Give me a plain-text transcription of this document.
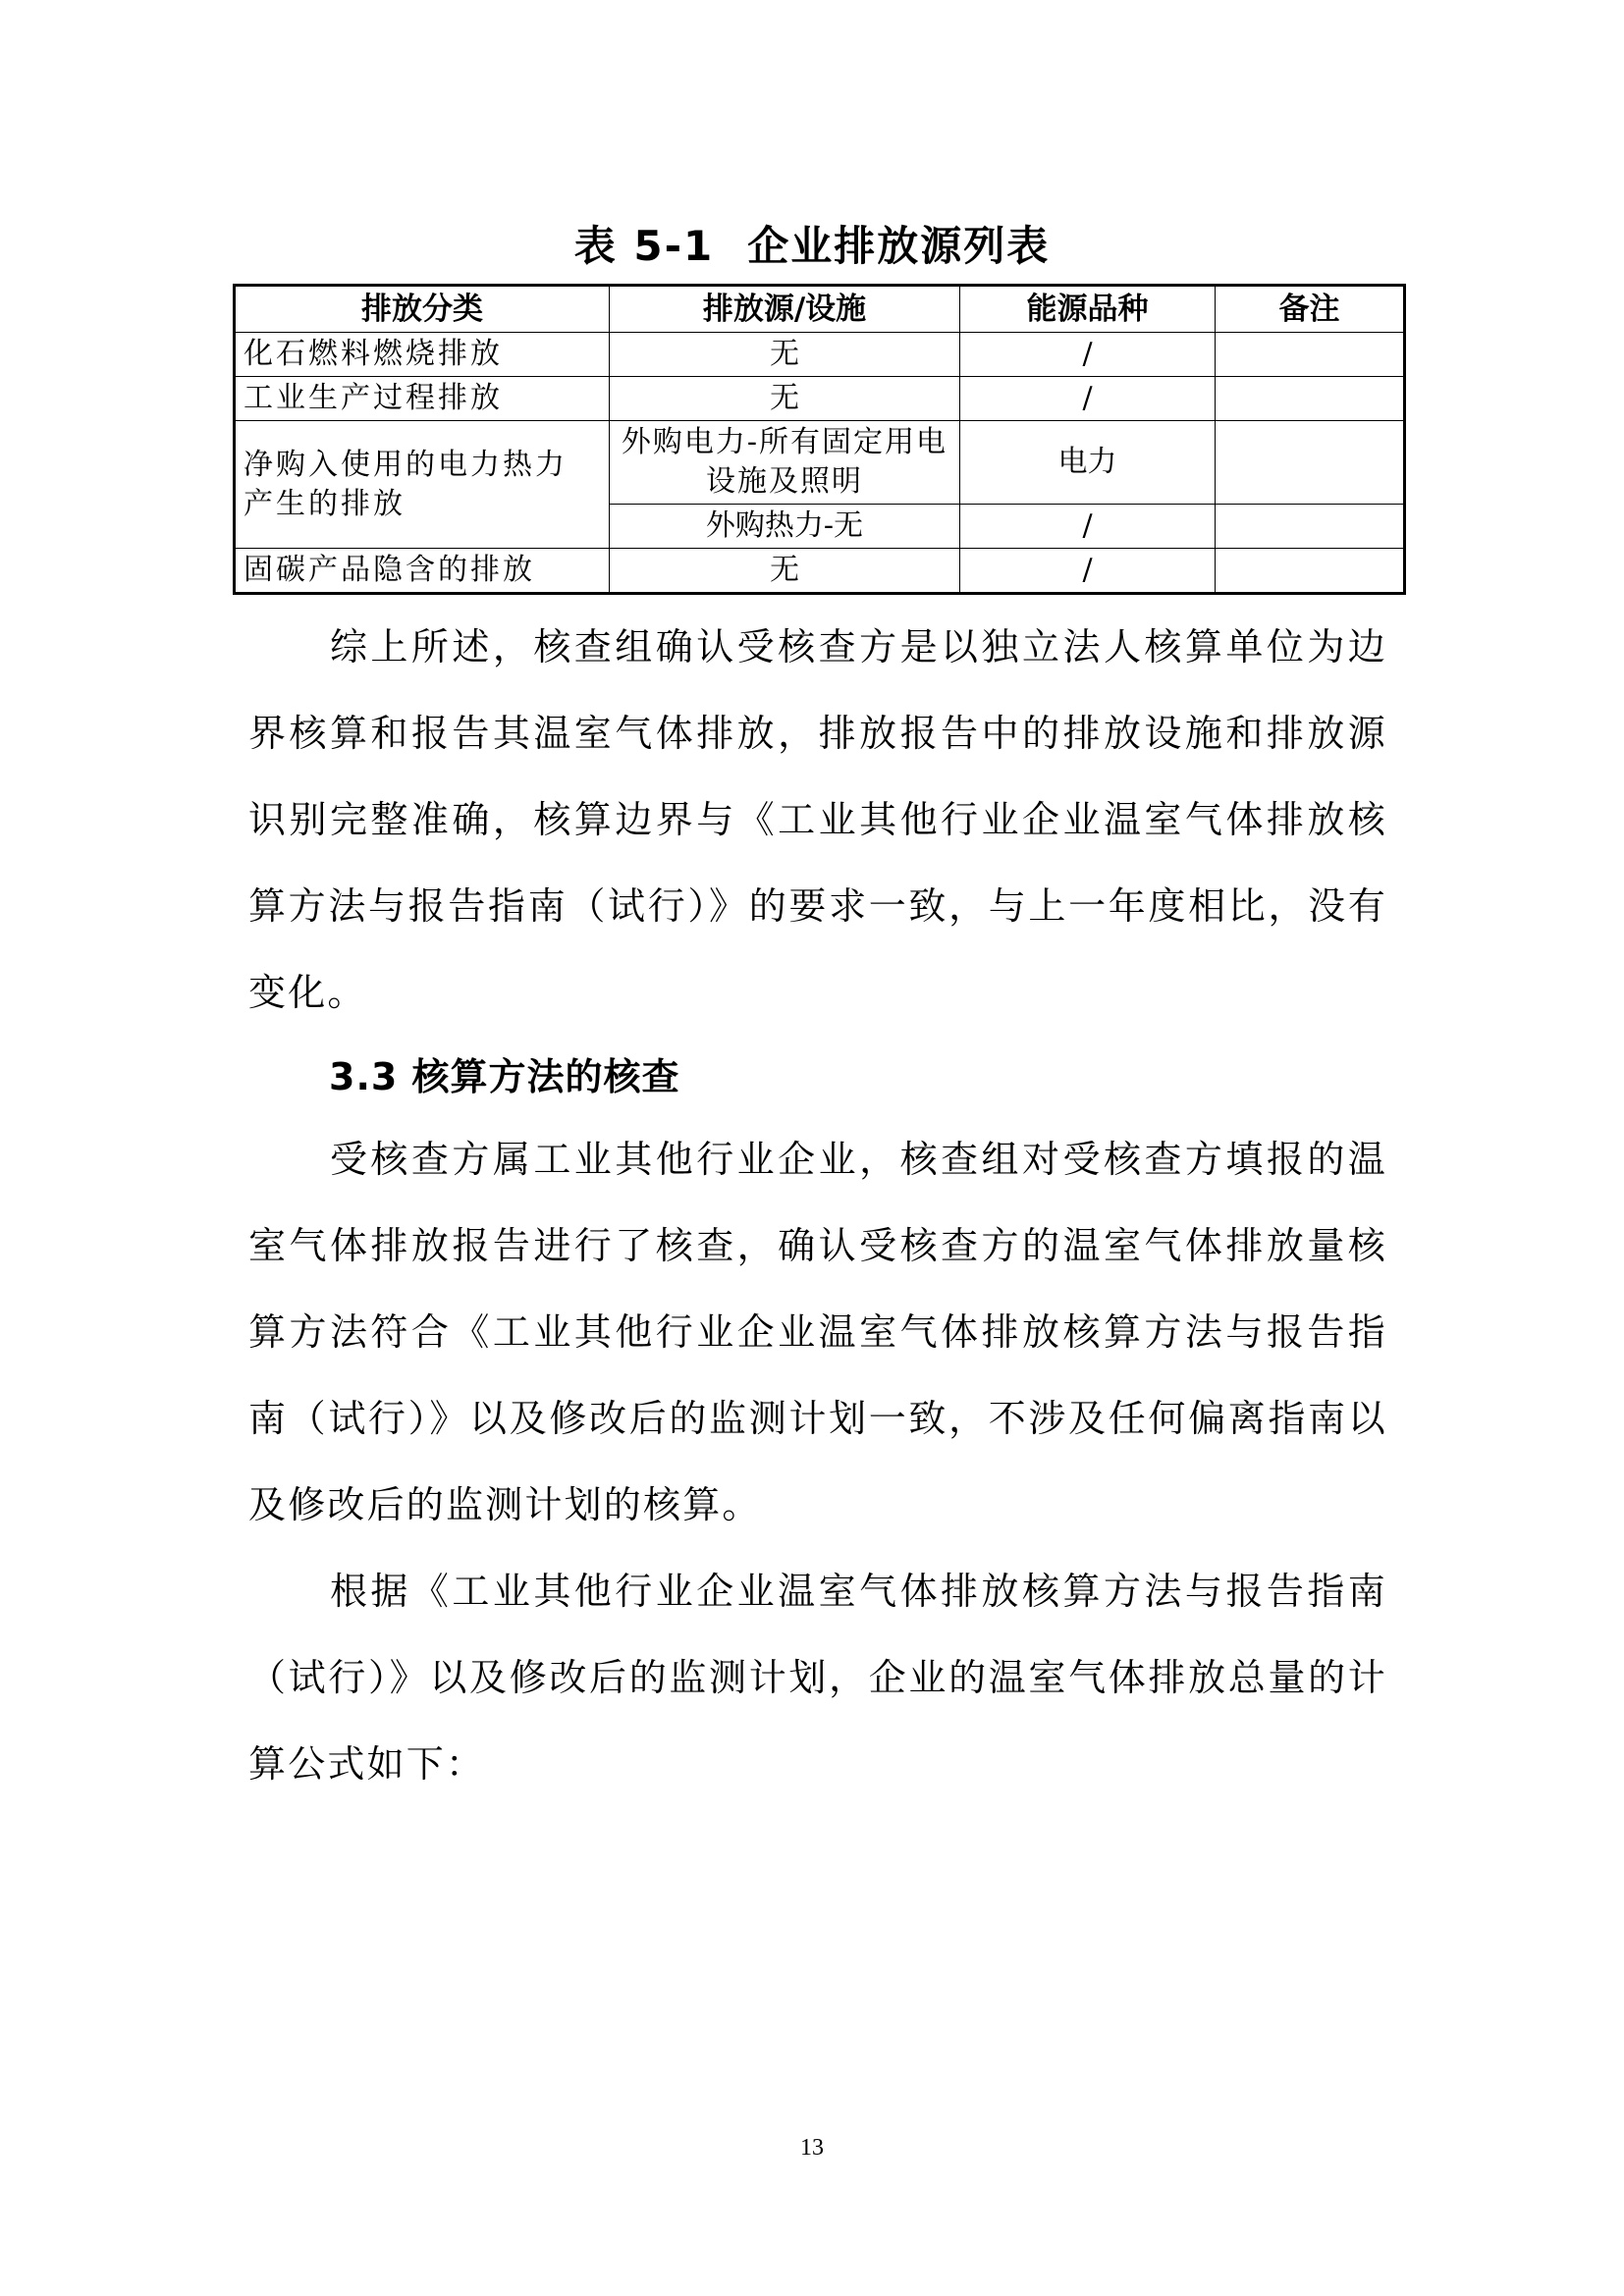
表 5-1 企业排放源列表
排放分类	排放源/设施	能源品种	备注
化石燃料燃烧排放	无	/	
工业生产过程排放	无	/	
净购入使用的电力热力产生的排放	外购电力-所有固定用电设施及照明	电力	
	外购热力-无	/	
固碳产品隐含的排放	无	/	
　　综上所述，核查组确认受核查方是以独立法人核算单位为边界核算和报告其温室气体排放，排放报告中的排放设施和排放源识别完整准确，核算边界与《工业其他行业企业温室气体排放核算方法与报告指南（试行）》的要求一致，与上一年度相比，没有变化。
3.3 核算方法的核查
　　受核查方属工业其他行业企业，核查组对受核查方填报的温室气体排放报告进行了核查，确认受核查方的温室气体排放量核算方法符合《工业其他行业企业温室气体排放核算方法与报告指南（试行）》以及修改后的监测计划一致，不涉及任何偏离指南以及修改后的监测计划的核算。
　　根据《工业其他行业企业温室气体排放核算方法与报告指南（试行）》以及修改后的监测计划，企业的温室气体排放总量的计算公式如下：
13
